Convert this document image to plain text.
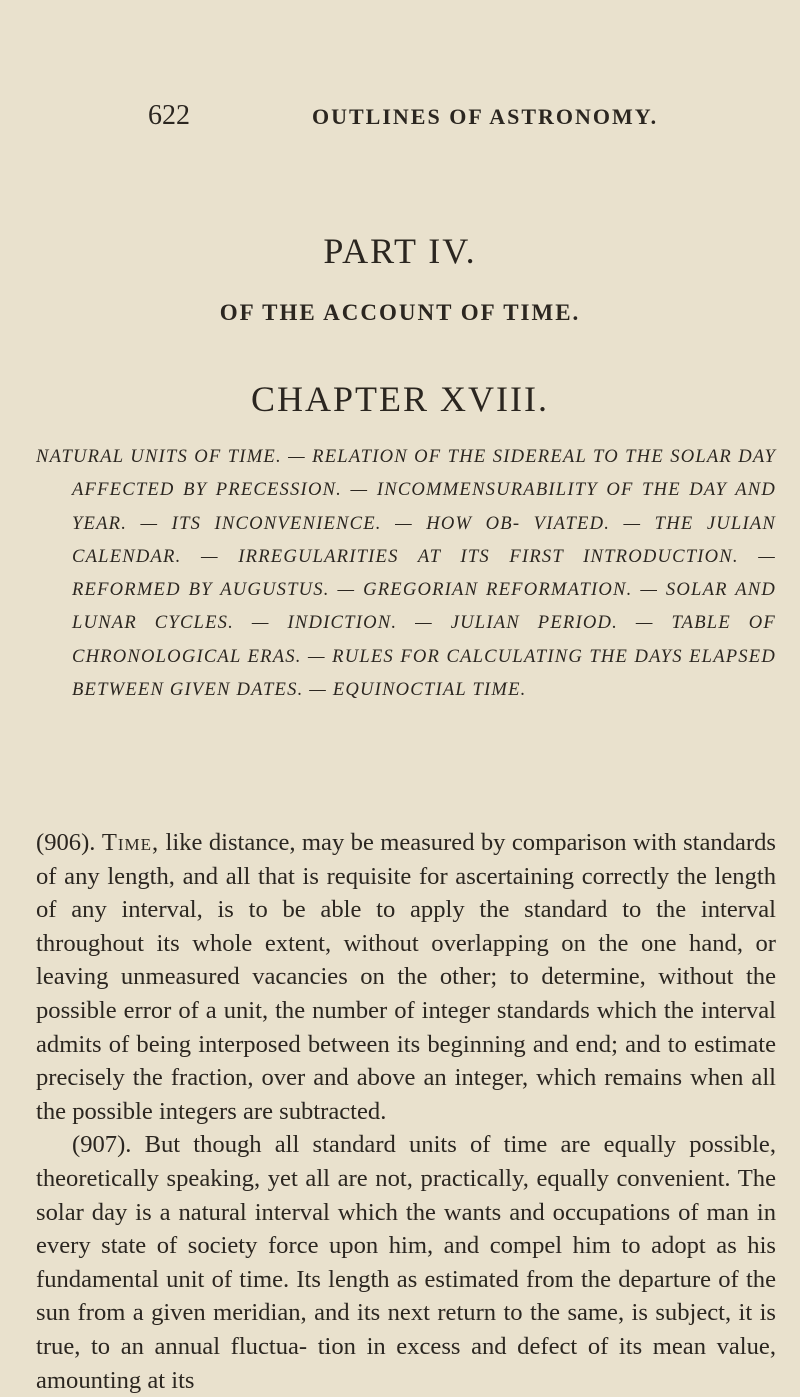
622	OUTLINES OF ASTRONOMY.
PART IV.
OF THE ACCOUNT OF TIME.
CHAPTER XVIII.
NATURAL UNITS OF TIME. — RELATION OF THE SIDEREAL TO THE SOLAR DAY AFFECTED BY PRECESSION. — INCOMMENSURABILITY OF THE DAY AND YEAR. — ITS INCONVENIENCE. — HOW OB- VIATED. — THE JULIAN CALENDAR. — IRREGULARITIES AT ITS FIRST INTRODUCTION. — REFORMED BY AUGUSTUS. — GREGORIAN REFORMATION. — SOLAR AND LUNAR CYCLES. — INDICTION. — JULIAN PERIOD. — TABLE OF CHRONOLOGICAL ERAS. — RULES FOR CALCULATING THE DAYS ELAPSED BETWEEN GIVEN DATES. — EQUINOCTIAL TIME.

(906). Time, like distance, may be measured by comparison with standards of any length, and all that is requisite for ascertaining correctly the length of any interval, is to be able to apply the standard to the interval throughout its whole extent, without overlapping on the one hand, or leaving unmeasured vacancies on the other; to determine, without the possible error of a unit, the number of integer standards which the interval admits of being interposed between its beginning and end; and to estimate precisely the fraction, over and above an integer, which remains when all the possible integers are subtracted.

(907). But though all standard units of time are equally possible, theoretically speaking, yet all are not, practically, equally convenient. The solar day is a natural interval which the wants and occupations of man in every state of society force upon him, and compel him to adopt as his fundamental unit of time. Its length as estimated from the departure of the sun from a given meridian, and its next return to the same, is subject, it is true, to an annual fluctua- tion in excess and defect of its mean value, amounting at its
